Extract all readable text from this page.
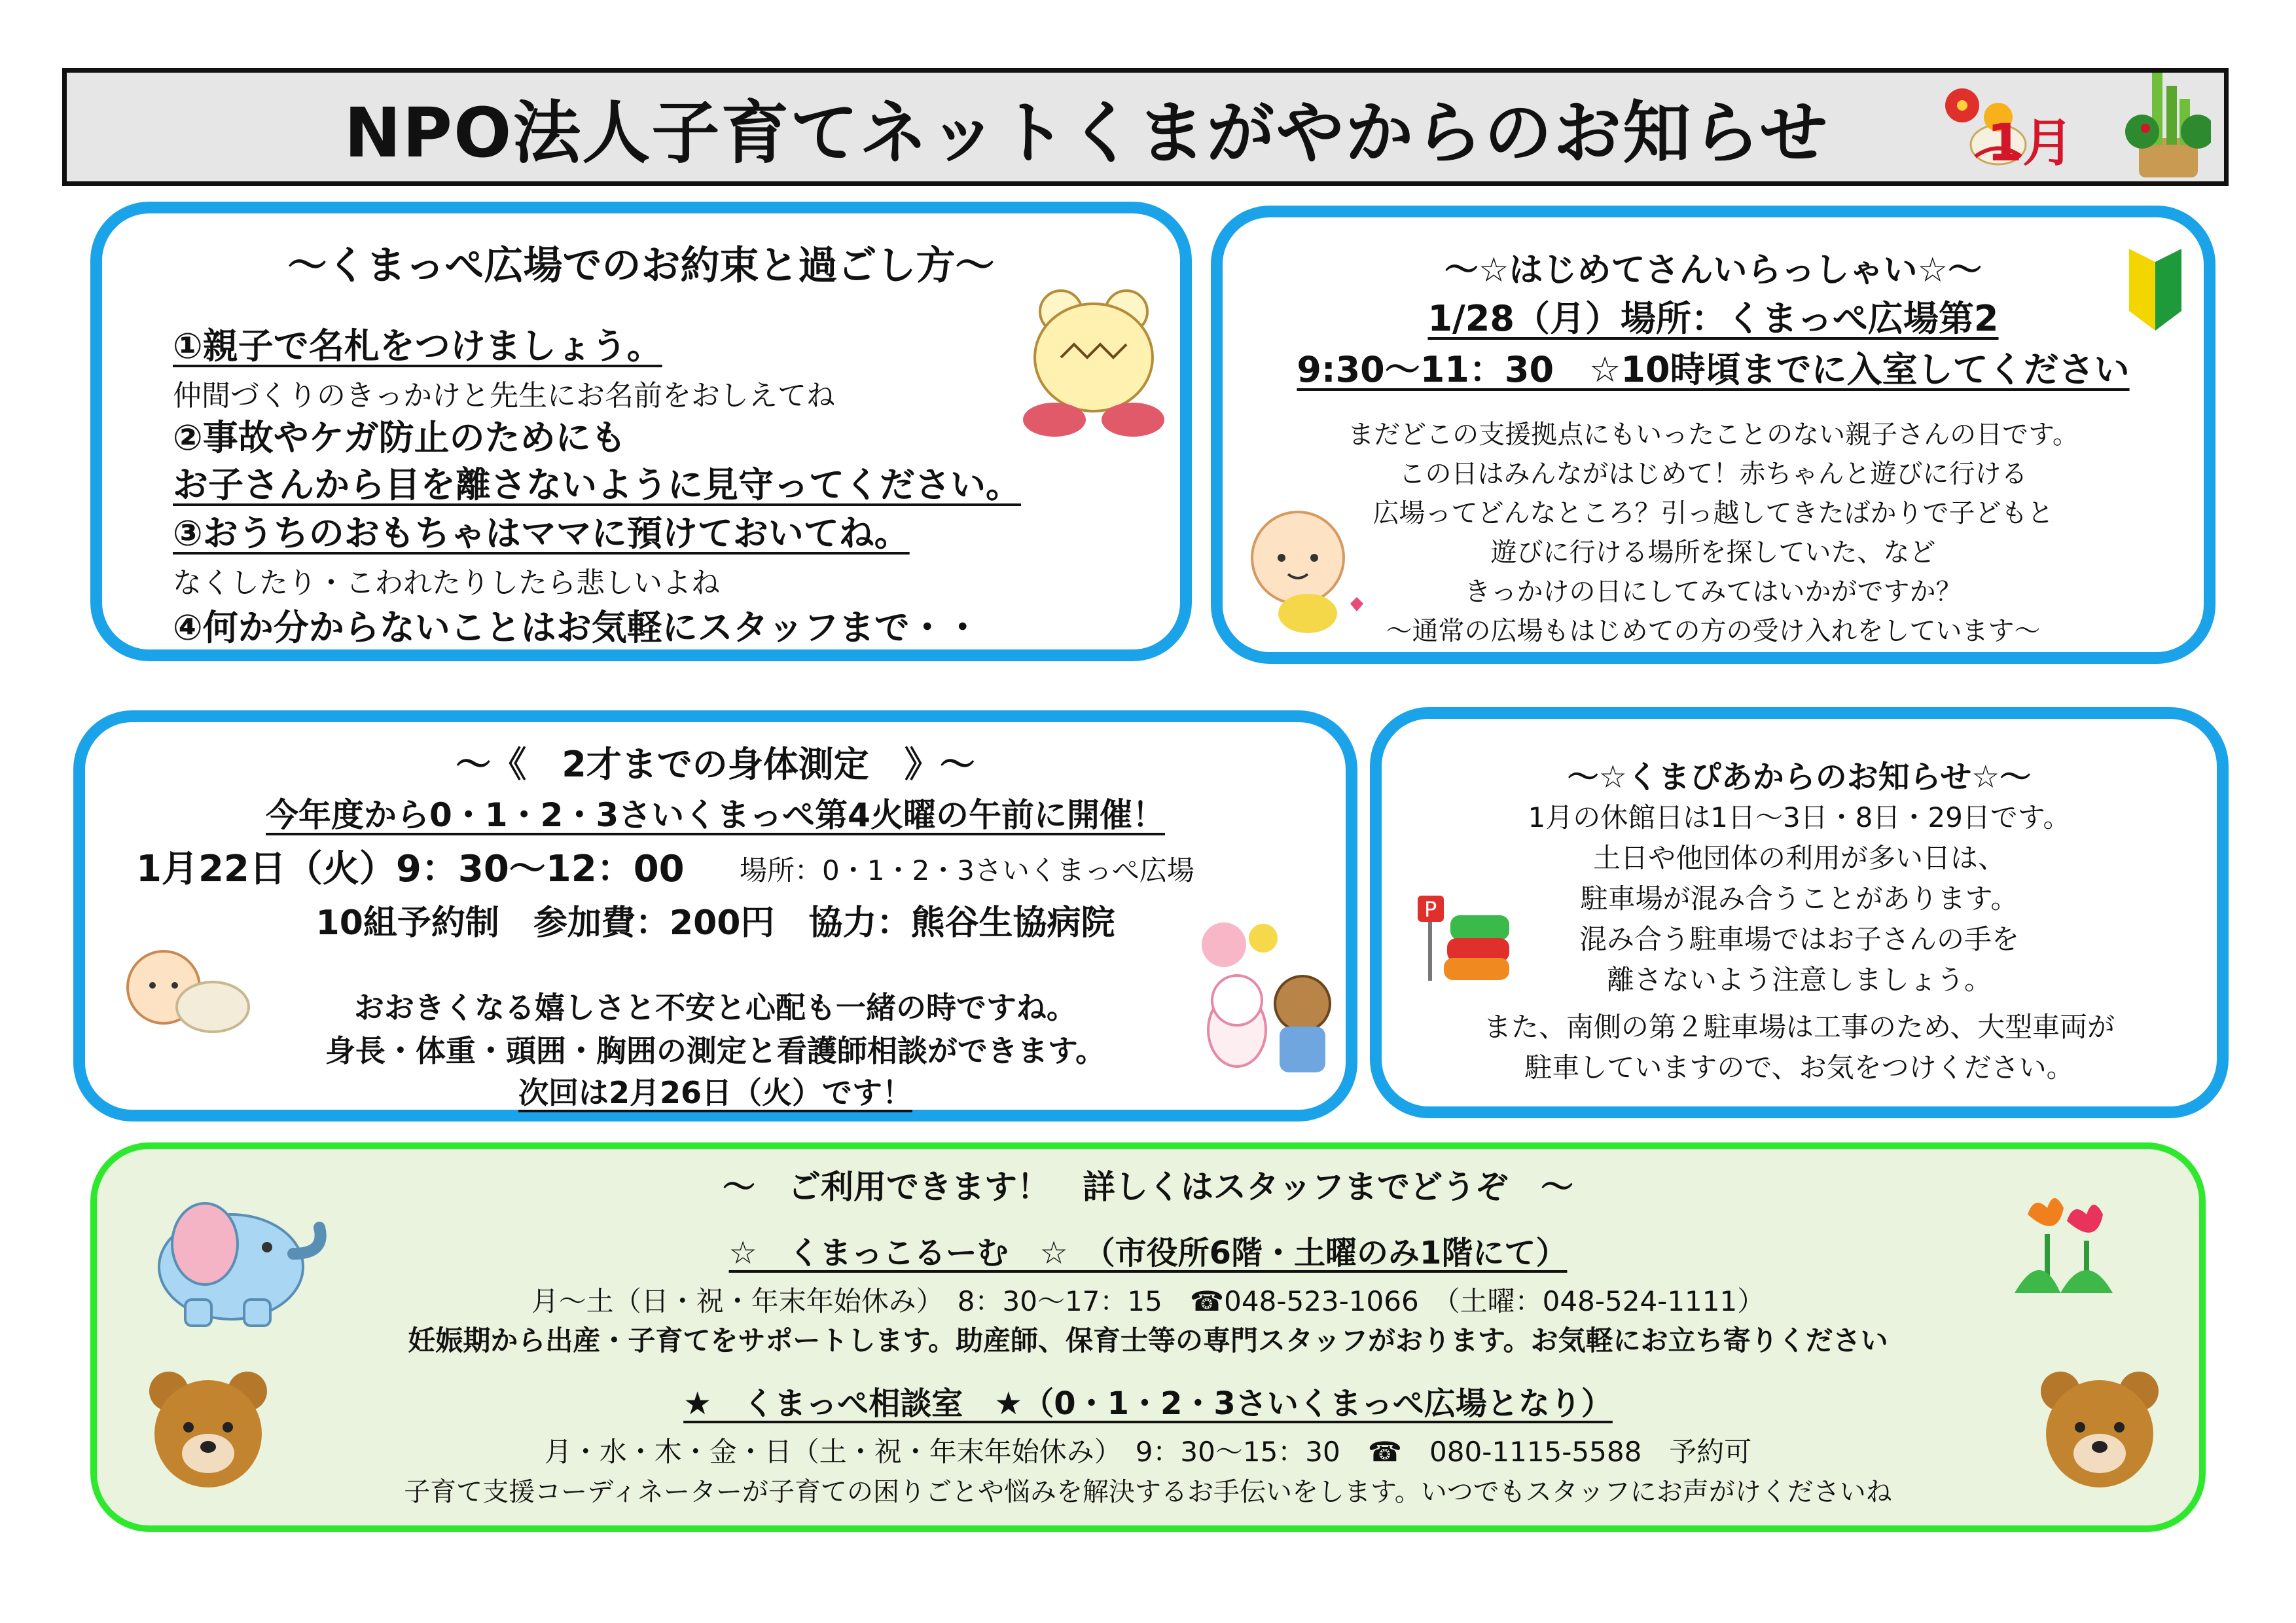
NPO法人子育てネットくまがやからのお知らせ	1月
～くまっぺ広場でのお約束と過ごし方～
①親子で名札をつけましょう。
仲間づくりのきっかけと先生にお名前をおしえてね
②事故やケガ防止のためにも
お子さんから目を離さないように見守ってください。
③おうちのおもちゃはママに預けておいてね。
なくしたり・こわれたりしたら悲しいよね
④何か分からないことはお気軽にスタッフまで・・
～☆はじめてさんいらっしゃい☆～
1/28（月）場所：くまっぺ広場第2
9:30～11：30　☆10時頃までに入室してください
まだどこの支援拠点にもいったことのない親子さんの日です。
この日はみんながはじめて！赤ちゃんと遊びに行ける
広場ってどんなところ？引っ越してきたばかりで子どもと
遊びに行ける場所を探していた、など
きっかけの日にしてみてはいかがですか？
～通常の広場もはじめての方の受け入れをしています～
～《　2才までの身体測定　》～
今年度から0・1・2・3さいくまっぺ第4火曜の午前に開催！
1月22日（火）9：30～12：00 場所：0・1・2・3さいくまっぺ広場
10組予約制　参加費：200円　協力：熊谷生協病院
おおきくなる嬉しさと不安と心配も一緒の時ですね。
身長・体重・頭囲・胸囲の測定と看護師相談ができます。
次回は2月26日（火）です！
～☆くまぴあからのお知らせ☆～
1月の休館日は1日～3日・8日・29日です。
土日や他団体の利用が多い日は、
駐車場が混み合うことがあります。
混み合う駐車場ではお子さんの手を
離さないよう注意しましょう。
また、南側の第２駐車場は工事のため、大型車両が
駐車していますので、お気をつけください。
P
～　ご利用できます！　詳しくはスタッフまでどうぞ　～
☆　くまっこるーむ　☆　（市役所6階・土曜のみ1階にて）
月～土（日・祝・年末年始休み）　8：30～17：15　☎048-523-1066　（土曜：048-524-1111）
妊娠期から出産・子育てをサポートします。助産師、保育士等の専門スタッフがおります。お気軽にお立ち寄りください
★　くまっぺ相談室　★（0・1・2・3さいくまっぺ広場となり）
月・水・木・金・日（土・祝・年末年始休み）　9：30～15：30　☎　080-1115-5588　予約可
子育て支援コーディネーターが子育ての困りごとや悩みを解決するお手伝いをします。いつでもスタッフにお声がけくださいね
